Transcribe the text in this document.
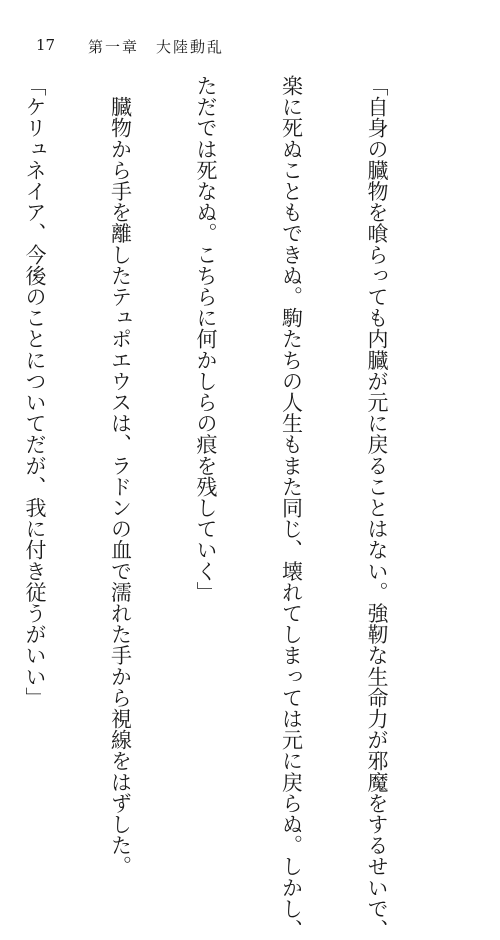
17 第一章　大陸動乱

「自身の臓物を喰らっても内臓が元に戻ることはない。強靭な生命力が邪魔をするせいで、

楽に死ぬこともできぬ。駒たちの人生もまた同じ、壊れてしまっては元に戻らぬ。しかし、

ただでは死なぬ。こちらに何かしらの痕を残していく」

　臓物から手を離したテュポエウスは、ラドンの血で濡れた手から視線をはずした。

「ケリュネイア、今後のことについてだが、我に付き従うがいい」
